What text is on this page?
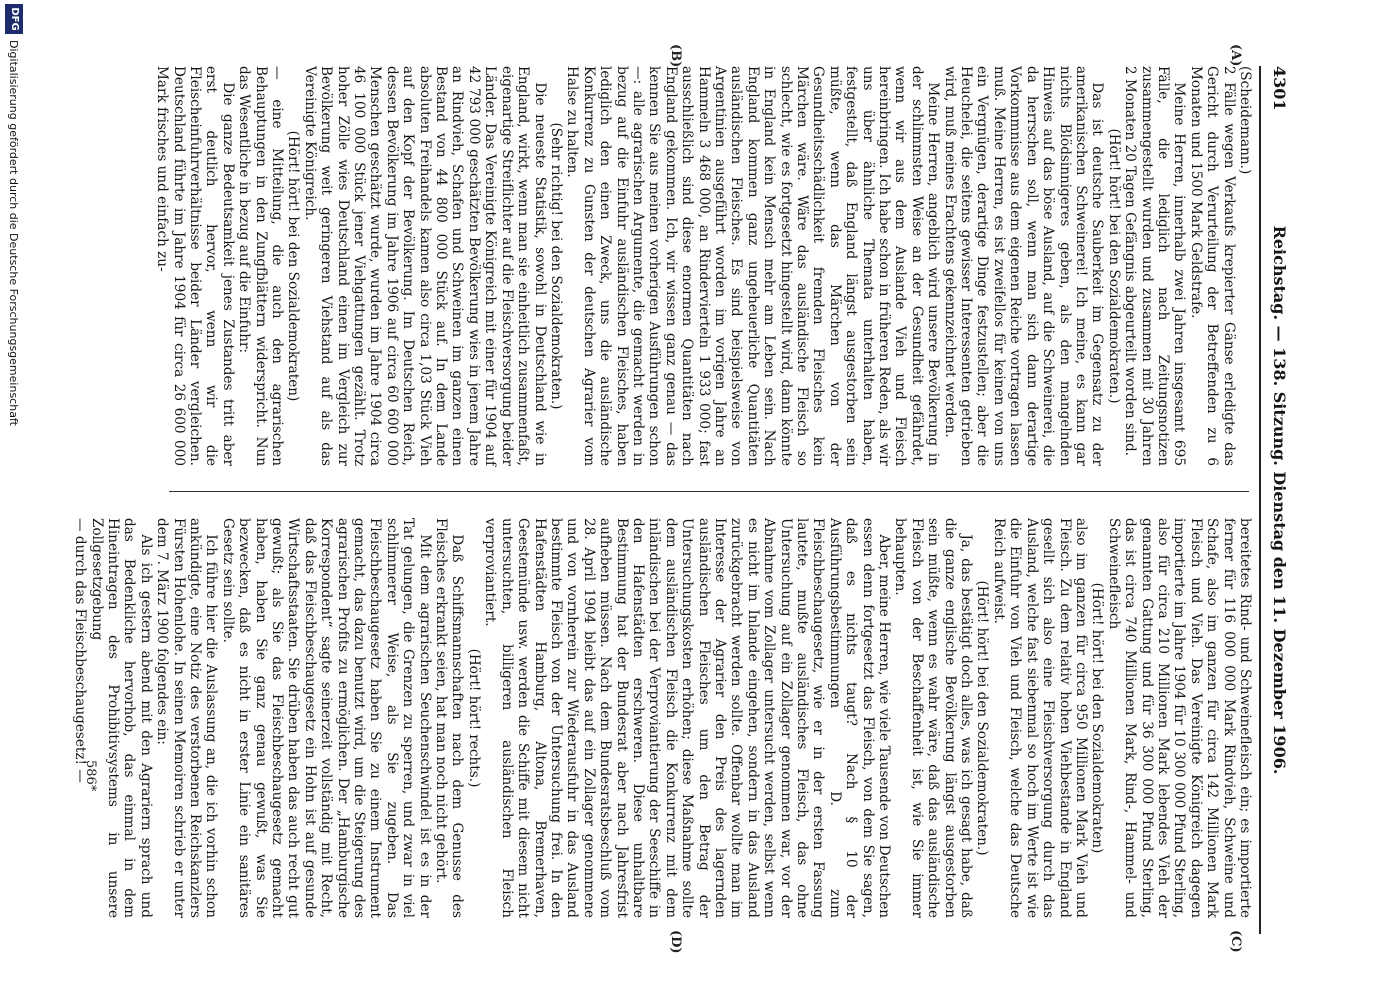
4301
Reichstag. — 138. Sitzung. Dienstag den 11. Dezember 1906.
(A)
(B)
(C)
(D)

(Scheidemann.)

2 Fälle wegen Verkaufs krepierter Gänse erledigte das Gericht durch Verurteilung der Betreffenden zu 6 Monaten und 1500 Mark Geldstrafe.

Meine Herren, innerhalb zwei Jahren insgesamt 695 Fälle, die lediglich nach Zeitungsnotizen zusammengestellt wurden und zusammen mit 30 Jahren 2 Monaten 20 Tagen Gefängnis abgeurteilt worden sind.

(Hört! hört! bei den Sozialdemokraten.)

Das ist deutsche Sauberkeit im Gegensatz zu der amerikanischen Schweinerei! Ich meine, es kann gar nichts Blödsinnigeres geben, als den mangelnden Hinweis auf das böse Ausland, auf die Schweinerei, die da herrschen soll, wenn man sich dann derartige Vorkommnisse aus dem eigenen Reiche vortragen lassen muß. Meine Herren, es ist zweifellos für keinen von uns ein Vergnügen, derartige Dinge festzustellen; aber die Heuchelei, die seitens gewisser Interessenten getrieben wird, muß meines Erachtens gekennzeichnet werden.

Meine Herren, angeblich wird unsere Bevölkerung in der schlimmsten Weise an der Gesundheit gefährdet, wenn wir aus dem Auslande Vieh und Fleisch hereinbringen. Ich habe schon in früheren Reden, als wir uns über ähnliche Themata unterhalten haben, festgestellt, daß England längst ausgestorben sein müßte, wenn das Märchen von der Gesundheitsschädlichkeit fremden Fleisches kein Märchen wäre. Wäre das ausländische Fleisch so schlecht, wie es fortgesetzt hingestellt wird, dann könnte in England kein Mensch mehr am Leben sein. Nach England kommen ganz ungeheuerliche Quantitäten ausländischen Fleisches. Es sind beispielsweise von Argentinien ausgeführt worden im vorigen Jahre an Hammeln 3 468 000, an Rindervierteln 1 933 000; fast ausschließlich sind diese enormen Quantitäten nach England gekommen. Ich, wir wissen ganz genau — das kennen Sie aus meinen vorherigen Ausführungen schon —: alle agrarischen Argumente, die gemacht werden in bezug auf die Einfuhr ausländischen Fleisches, haben lediglich den einen Zweck, uns die ausländische Konkurrenz zu Gunsten der deutschen Agrarier vom Halse zu halten.

(Sehr richtig! bei den Sozialdemokraten.)

Die neueste Statistik, sowohl in Deutschland wie in England, wirkt, wenn man sie einheitlich zusammenfaßt, eigenartige Streiflichter auf die Fleischversorgung beider Länder. Das Vereinigte Königreich mit einer für 1904 auf 42 793 000 geschätzten Bevölkerung wies in jenem Jahre an Rindvieh, Schafen und Schweinen im ganzen einen Bestand von 44 800 000 Stück auf. In dem Lande absoluten Freihandels kamen also circa 1,03 Stück Vieh auf den Kopf der Bevölkerung. Im Deutschen Reich, dessen Bevölkerung im Jahre 1906 auf circa 60 600 000 Menschen geschätzt wurde, wurden im Jahre 1904 circa 46 100 000 Stück jener Viehgattungen gezählt. Trotz hoher Zölle wies Deutschland einen im Vergleich zur Bevölkerung weit geringeren Viehstand auf als das Vereinigte Königreich.

(Hört! hört! bei den Sozialdemokraten)

— eine Mitteilung, die auch den agrarischen Behauptungen in den Zungfblättern widerspricht. Nun das Wesentliche in bezug auf die Einfuhr:

Die ganze Bedeutsamkeit jenes Zustandes tritt aber erst deutlich hervor, wenn wir die Fleischeinfuhrverhältnisse beider Länder vergleichen. Deutschland führte im Jahre 1904 für circa 26 600 000 Mark frisches und einfach zu-

bereitetes Rind- und Schweinefleisch ein; es importierte ferner für 116 000 000 Mark Rindvieh, Schweine und Schafe, also im ganzen für circa 142 Millionen Mark Fleisch und Vieh. Das Vereinigte Königreich dagegen importierte im Jahre 1904 für 10 300 000 Pfund Sterling, also für circa 210 Millionen Mark lebendes Vieh der genannten Gattung und für 36 300 000 Pfund Sterling, das ist circa 740 Millionen Mark, Rind-, Hammel- und Schweinefleisch

(Hört! hört! bei den Sozialdemokraten)

also im ganzen für circa 950 Millionen Mark Vieh und Fleisch. Zu dem relativ hohen Viehbestande in England gesellt sich also eine Fleischversorgung durch das Ausland, welche fast siebenmal so hoch im Werte ist wie die Einfuhr von Vieh und Fleisch, welche das Deutsche Reich aufweist.

(Hört! hört! bei den Sozialdemokraten.)

Ja, das bestätigt doch alles, was ich gesagt habe, daß die ganze englische Bevölkerung längst ausgestorben sein müßte, wenn es wahr wäre, daß das ausländische Fleisch von der Beschaffenheit ist, wie Sie immer behaupten.

Aber, meine Herren, wie viele Tausende von Deutschen essen denn fortgesetzt das Fleisch, von dem Sie sagen, daß es nichts taugt? Nach § 10 der Ausführungsbestimmungen D. zum Fleischbeschaugesetz, wie er in der ersten Fassung lautete, mußte ausländisches Fleisch, das ohne Untersuchung auf ein Zollager genommen war, vor der Abnahme vom Zollager untersucht werden, selbst wenn es nicht im Inlande eingehen, sondern in das Ausland zurückgebracht werden sollte. Offenbar wollte man im Interesse der Agrarier den Preis des lagernden ausländischen Fleisches um den Betrag der Untersuchungskosten erhöhen; diese Maßnahme sollte dem ausländischen Fleisch die Konkurrenz mit dem inländischen bei der Verproviantierung der Seeschiffe in den Hafenstädten erschweren. Diese unhaltbare Bestimmung hat der Bundesrat aber nach Jahresfrist aufheben müssen. Nach dem Bundesratsbeschluß vom 28. April 1904 bleibt das auf ein Zollager genommene und von vornherein zur Wiederausfuhr in das Ausland bestimmte Fleisch von der Untersuchung frei. In den Hafenstädten Hamburg, Altona, Bremerhaven, Geestemünde usw. werden die Schiffe mit diesem nicht untersuchten, billigeren ausländischen Fleisch verproviantiert.

(Hört! hört! rechts.)

Daß Schiffsmannschaften nach dem Genusse des Fleisches erkrankt seien, hat man noch nicht gehört.

Mit dem agrarischen Seuchenschwindel ist es in der Tat gelungen, die Grenzen zu sperren, und zwar in viel schlimmerer Weise, als Sie zugeben. Das Fleischbeschaugesetz haben Sie zu einem Instrument gemacht, das dazu benutzt wird, um die Steigerung des agrarischen Profits zu ermöglichen. Der „Hamburgische Korrespondent“ sagte seinerzeit vollständig mit Recht, daß das Fleischbeschaugesetz ein Hohn ist auf gesunde Wirtschaftsstaaten. Sie drüben haben das auch recht gut gewußt; als Sie das Fleischbeschaugesetz gemacht haben, haben Sie ganz genau gewußt, was Sie bezwecken, daß es nicht in erster Linie ein sanitäres Gesetz sein sollte.

Ich führe hier die Auslassung an, die ich vorhin schon ankündigte, eine Notiz des verstorbenen Reichskanzlers Fürsten Hohenlohe. In seinen Memoiren schrieb er unter dem 7. März 1900 folgendes ein:

Als ich gestern abend mit den Agrariern sprach und das Bedenkliche hervorhob, das einmal in dem Hineintragen des Prohibitivsystems in unsere Zollgesetzgebung

— durch das Fleischbeschaugesetz! —

586*
DFG
Digitalisierung gefördert durch die Deutsche Forschungsgemeinschaft
